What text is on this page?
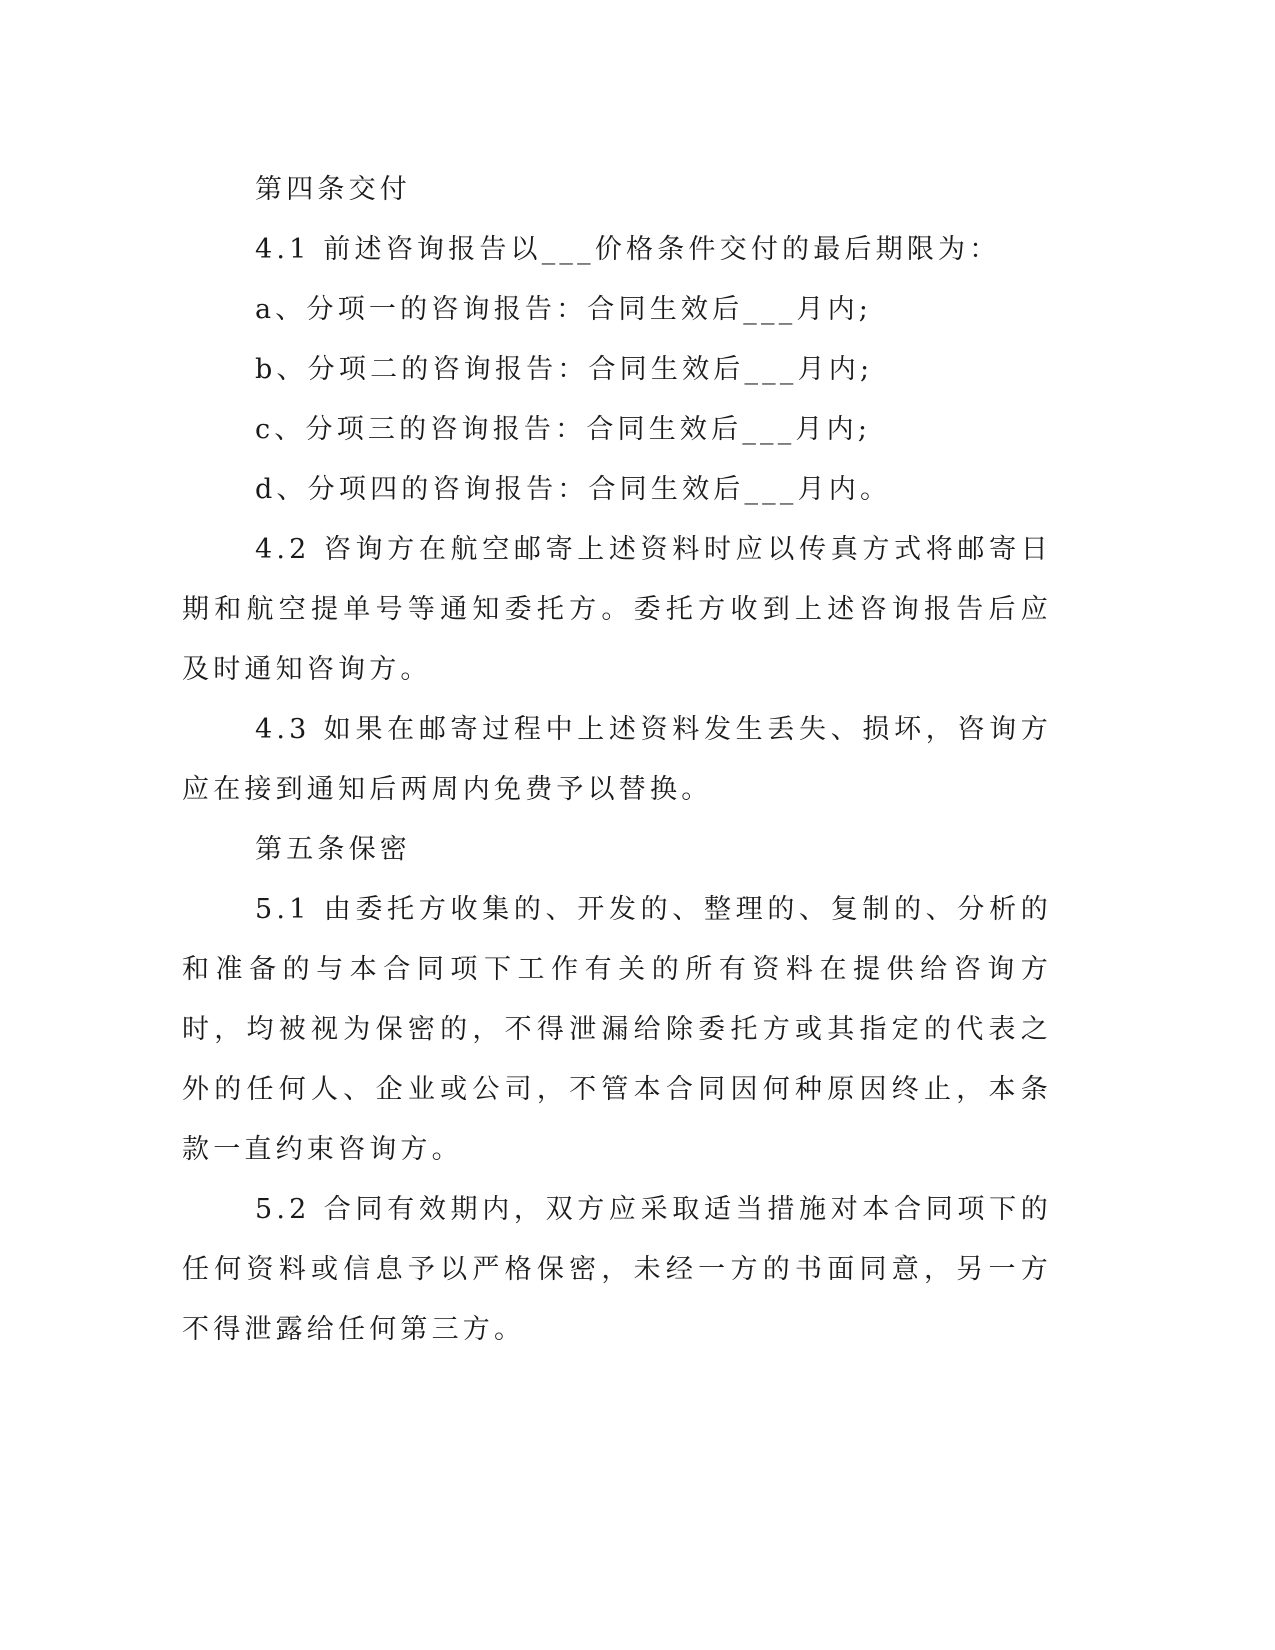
第四条交付

4.1 前述咨询报告以___价格条件交付的最后期限为：

a、分项一的咨询报告：合同生效后___月内;

b、分项二的咨询报告：合同生效后___月内;

c、分项三的咨询报告：合同生效后___月内;

d、分项四的咨询报告：合同生效后___月内。

4.2 咨询方在航空邮寄上述资料时应以传真方式将邮寄日期和航空提单号等通知委托方。委托方收到上述咨询报告后应及时通知咨询方。

4.3 如果在邮寄过程中上述资料发生丢失、损坏，咨询方应在接到通知后两周内免费予以替换。

第五条保密

5.1 由委托方收集的、开发的、整理的、复制的、分析的和准备的与本合同项下工作有关的所有资料在提供给咨询方时，均被视为保密的，不得泄漏给除委托方或其指定的代表之外的任何人、企业或公司，不管本合同因何种原因终止，本条款一直约束咨询方。

5.2 合同有效期内，双方应采取适当措施对本合同项下的任何资料或信息予以严格保密，未经一方的书面同意，另一方不得泄露给任何第三方。
